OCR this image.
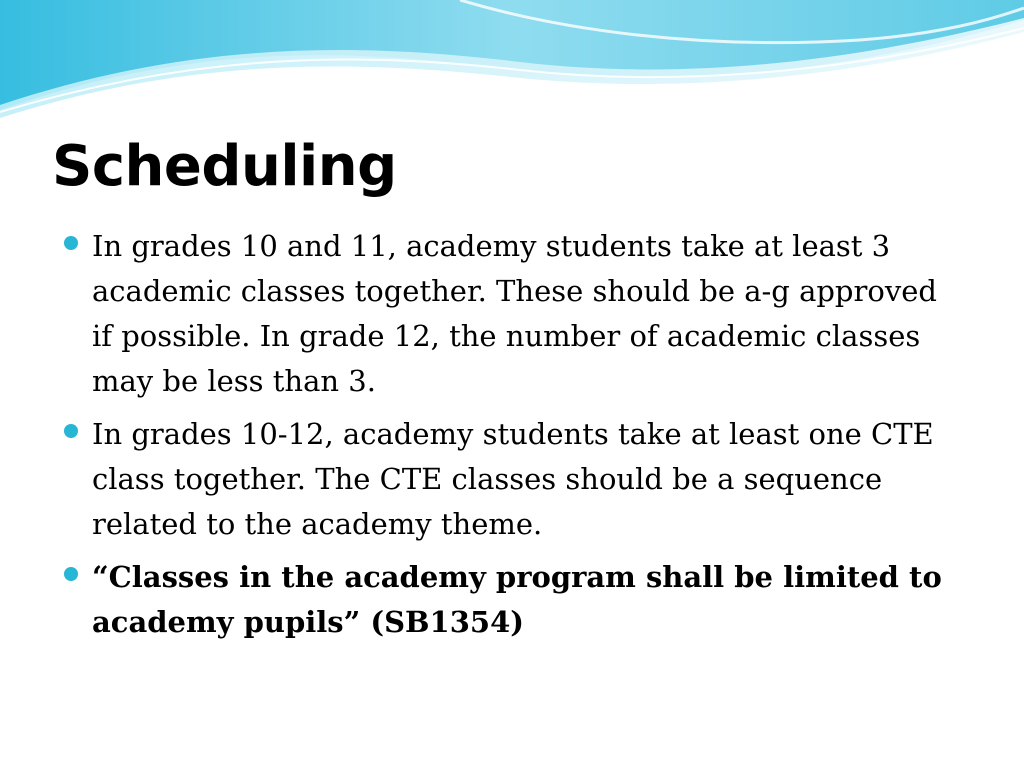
Scheduling
In grades 10 and 11, academy students take at least 3 academic classes together. These should be a-g approved if possible. In grade 12, the number of academic classes may be less than 3.
In grades 10-12, academy students take at least one CTE class together. The CTE classes should be a sequence related to the academy theme.
“Classes in the academy program shall be limited to academy pupils” (SB1354)
